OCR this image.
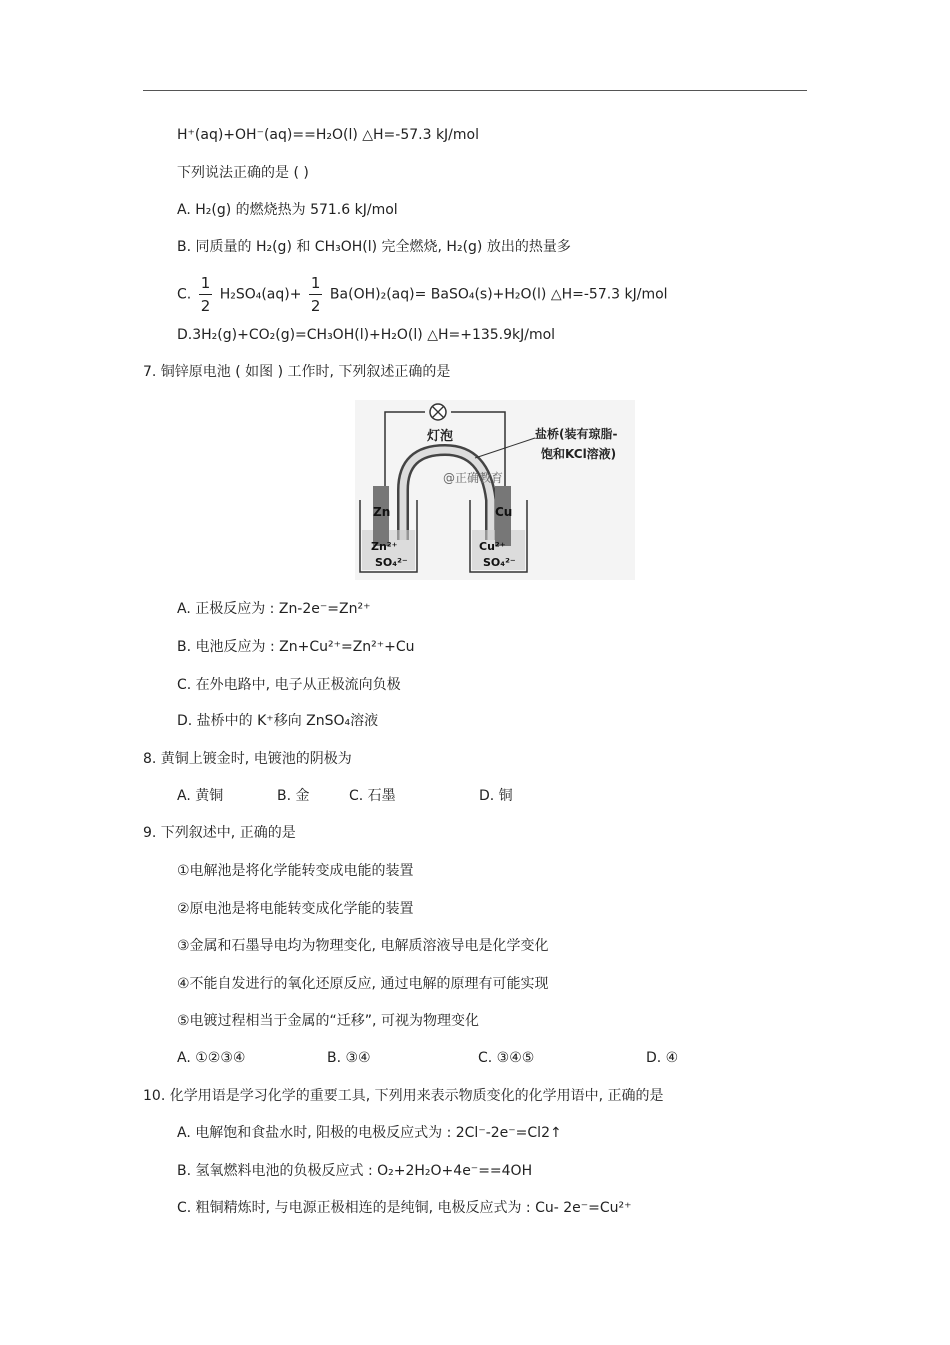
H⁺(aq)+OH⁻(aq)==H₂O(l) △H=-57.3 kJ/mol
下列说法正确的是 ( )
A. H₂(g) 的燃烧热为 571.6 kJ/mol
B. 同质量的 H₂(g) 和 CH₃OH(l) 完全燃烧, H₂(g) 放出的热量多
C. $\frac{1}{2} H_2SO_4(aq)+ \frac{1}{2} Ba(OH)_2(aq)=$ BaSO₄(s)+H₂O(l) △H=-57.3 kJ/mol
D.3H₂(g)+CO₂(g)=CH₃OH(l)+H₂O(l) △H=+135.9kJ/mol
7. 铜锌原电池 ( 如图 ) 工作时, 下列叙述正确的是
灯泡	盐桥(装有琼脂-
饱和KCl溶液)
@正确教育
Zn
Zn²⁺
SO₄²⁻
Cu
Cu²⁺
SO₄²⁻
A. 正极反应为 : Zn-2e⁻=Zn²⁺
B. 电池反应为 : Zn+Cu²⁺=Zn²⁺+Cu
C. 在外电路中, 电子从正极流向负极
D. 盐桥中的 K⁺移向 ZnSO₄溶液
8. 黄铜上镀金时, 电镀池的阴极为
A. 黄铜	B. 金	C. 石墨	D. 铜
9. 下列叙述中, 正确的是
①电解池是将化学能转变成电能的装置
②原电池是将电能转变成化学能的装置
③金属和石墨导电均为物理变化, 电解质溶液导电是化学变化
④不能自发进行的氧化还原反应, 通过电解的原理有可能实现
⑤电镀过程相当于金属的“迁移”, 可视为物理变化
A. ①②③④	B. ③④	C. ③④⑤	D. ④
10. 化学用语是学习化学的重要工具, 下列用来表示物质变化的化学用语中, 正确的是
A. 电解饱和食盐水时, 阳极的电极反应式为 : 2Cl⁻-2e⁻=Cl2↑
B. 氢氧燃料电池的负极反应式 : O₂+2H₂O+4e⁻==4OH
C. 粗铜精炼时, 与电源正极相连的是纯铜, 电极反应式为 : Cu- 2e⁻=Cu²⁺
